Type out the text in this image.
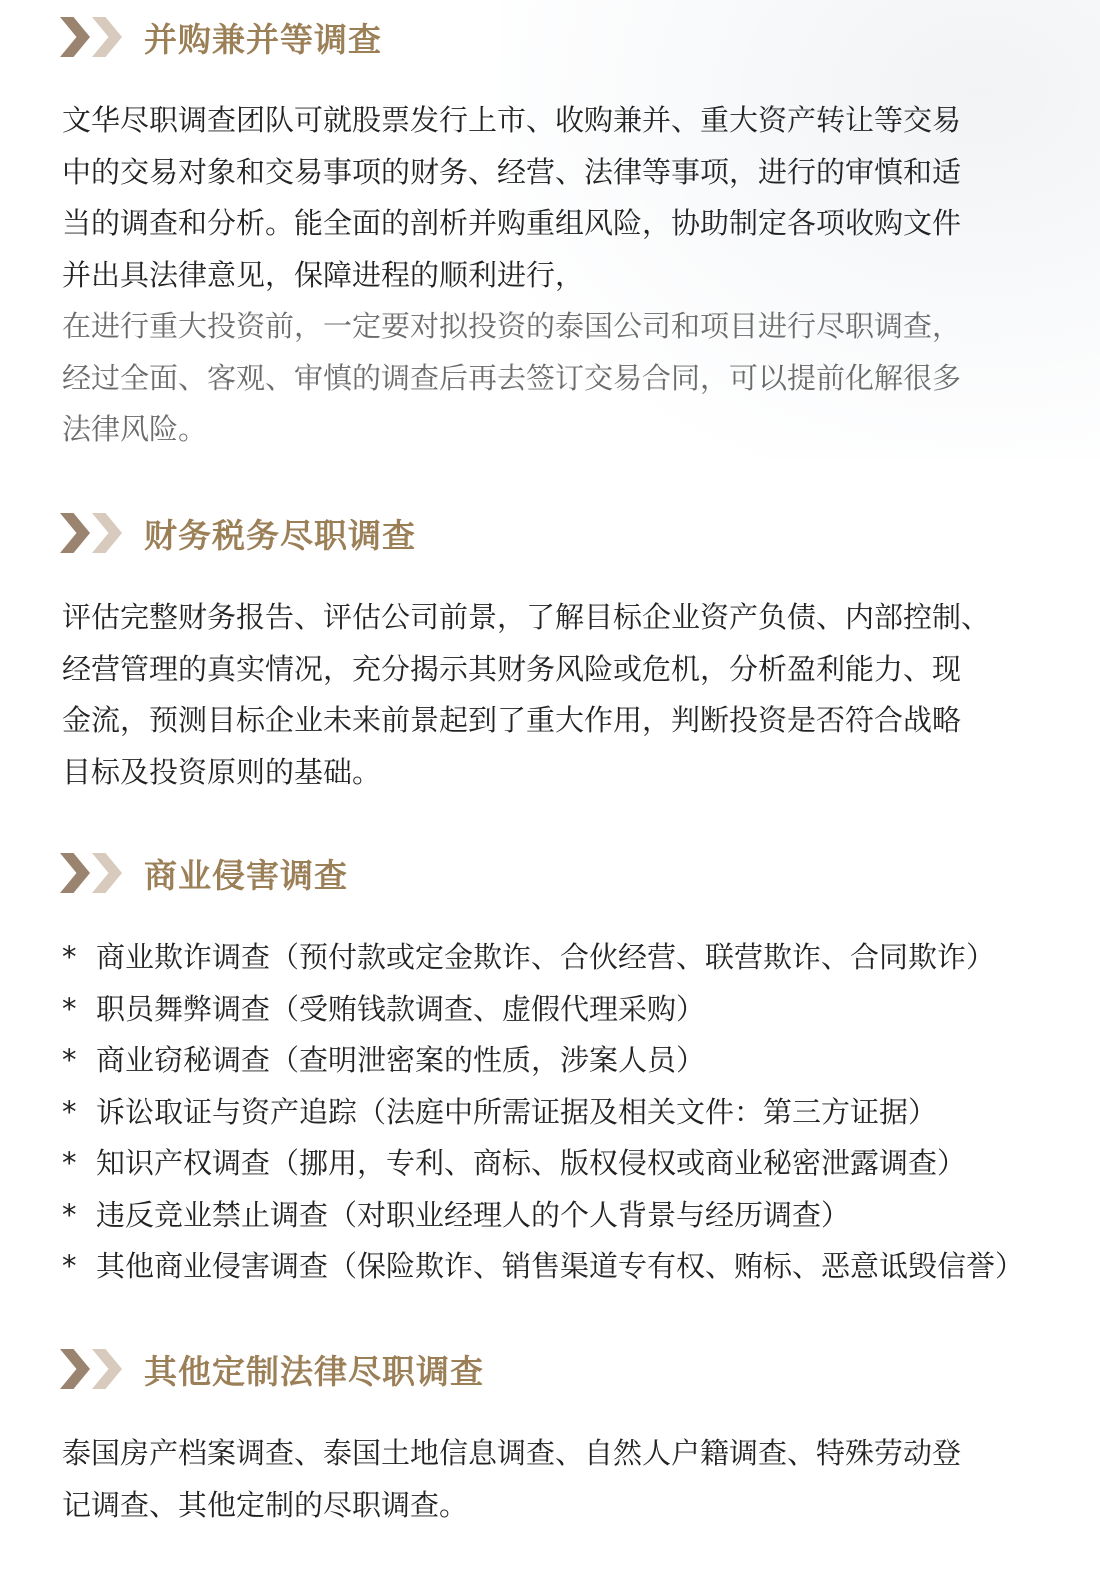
并购兼并等调查
文华尽职调查团队可就股票发行上市、收购兼并、重大资产转让等交易
中的交易对象和交易事项的财务、经营、法律等事项，进行的审慎和适
当的调查和分析。能全面的剖析并购重组风险，协助制定各项收购文件
并出具法律意见，保障进程的顺利进行，
在进行重大投资前，一定要对拟投资的泰国公司和项目进行尽职调查，
经过全面、客观、审慎的调查后再去签订交易合同，可以提前化解很多
法律风险。
财务税务尽职调查
评估完整财务报告、评估公司前景，了解目标企业资产负债、内部控制、
经营管理的真实情况，充分揭示其财务风险或危机，分析盈利能力、现
金流，预测目标企业未来前景起到了重大作用，判断投资是否符合战略
目标及投资原则的基础。
商业侵害调查
* 商业欺诈调查（预付款或定金欺诈、合伙经营、联营欺诈、合同欺诈）
* 职员舞弊调查（受贿钱款调查、虚假代理采购）
* 商业窃秘调查（查明泄密案的性质，涉案人员）
* 诉讼取证与资产追踪（法庭中所需证据及相关文件：第三方证据）
* 知识产权调查（挪用，专利、商标、版权侵权或商业秘密泄露调查）
* 违反竞业禁止调查（对职业经理人的个人背景与经历调查）
* 其他商业侵害调查（保险欺诈、销售渠道专有权、贿标、恶意诋毁信誉）
其他定制法律尽职调查
泰国房产档案调查、泰国土地信息调查、自然人户籍调查、特殊劳动登
记调查、其他定制的尽职调查。
